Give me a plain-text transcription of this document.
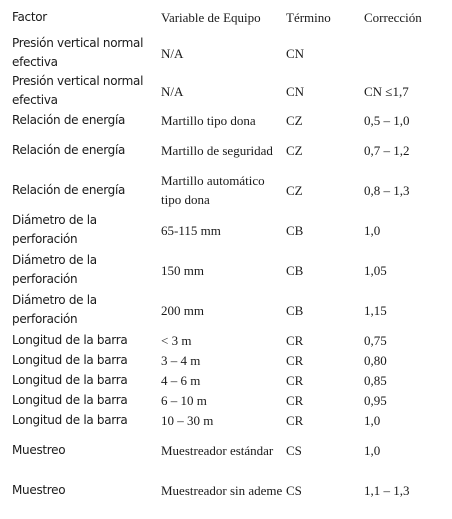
Factor	Variable de Equipo	Término	Corrección
Presión vertical normal efectiva	N/A	CN	
Presión vertical normal efectiva	N/A	CN	CN ≤1,7
Relación de energía	Martillo tipo dona	CZ	0,5 – 1,0
Relación de energía	Martillo de seguridad	CZ	0,7 – 1,2
Relación de energía	Martillo automático tipo dona	CZ	0,8 – 1,3
Diámetro de la perforación	65-115 mm	CB	1,0
Diámetro de la perforación	150 mm	CB	1,05
Diámetro de la perforación	200 mm	CB	1,15
Longitud de la barra	< 3 m	CR	0,75
Longitud de la barra	3 – 4 m	CR	0,80
Longitud de la barra	4 – 6 m	CR	0,85
Longitud de la barra	6 – 10 m	CR	0,95
Longitud de la barra	10 – 30 m	CR	1,0
Muestreo	Muestreador estándar	CS	1,0
Muestreo	Muestreador sin ademe	CS	1,1 – 1,3
